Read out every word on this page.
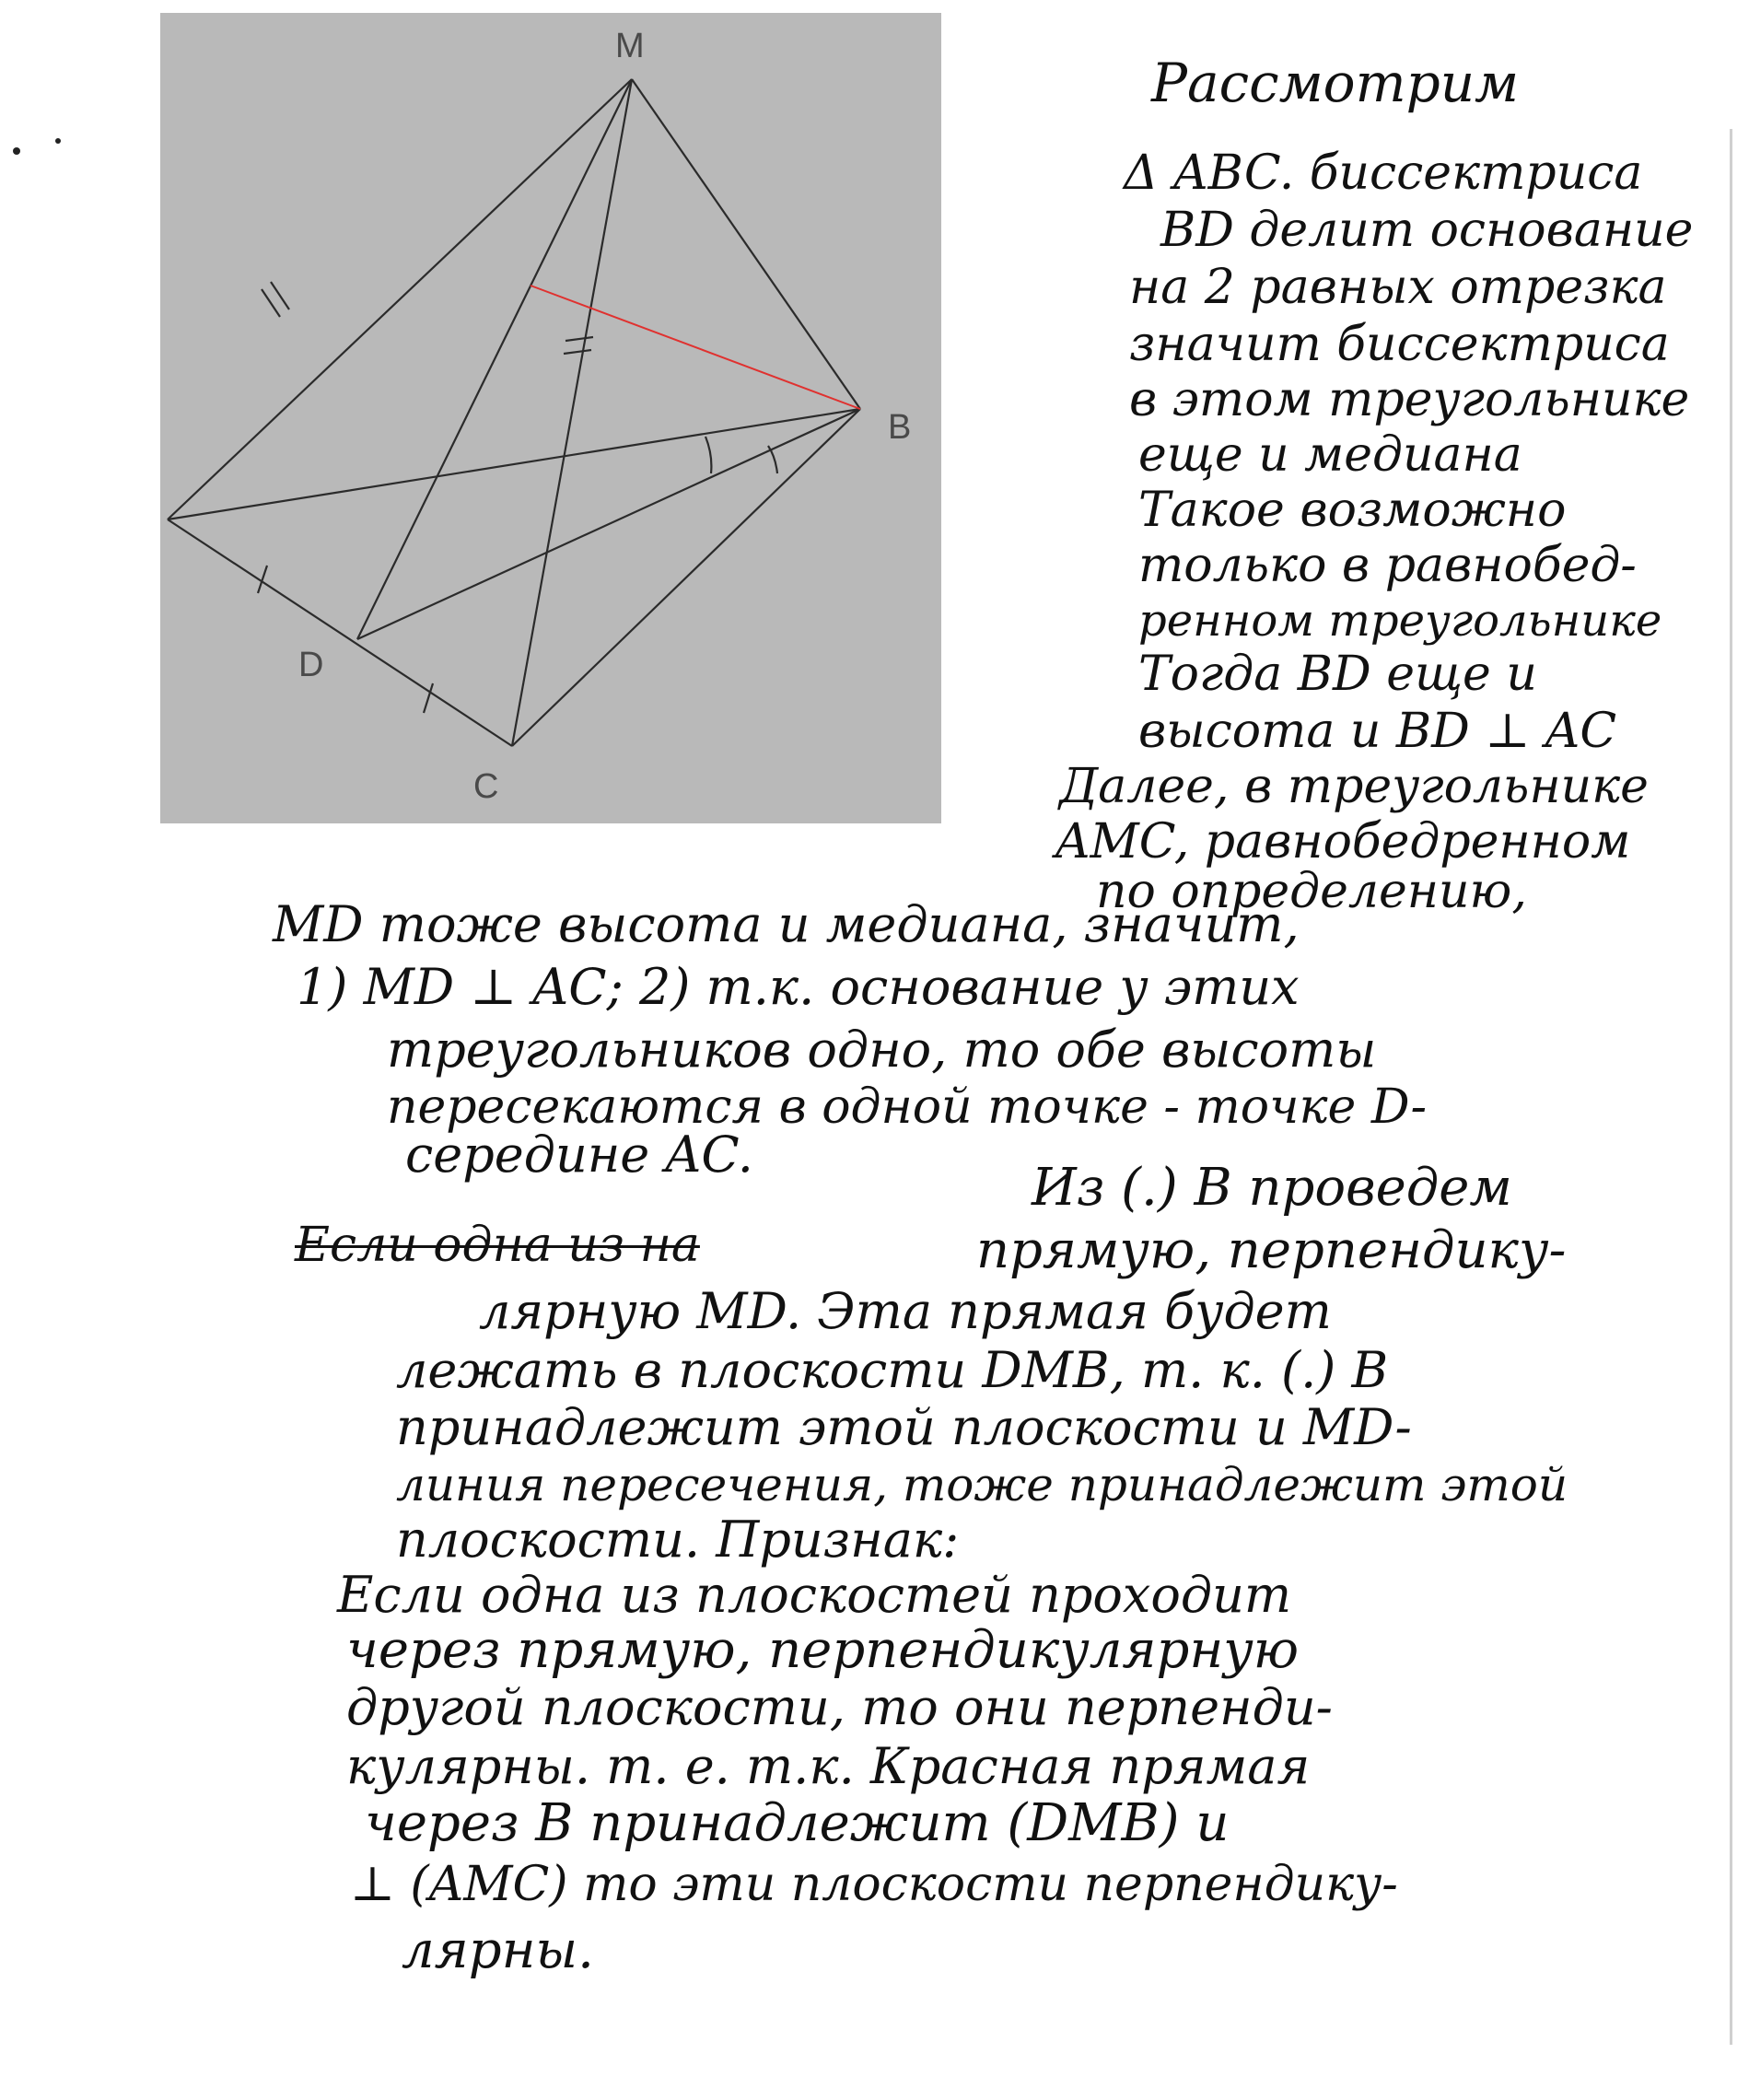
M
B
D
C

Рассмотрим

Δ ABC. биссектриса

BD делит основание

на 2 равных отрезка

значит биссектриса

в этом треугольнике

еще и медиана

Такое возможно

только в равнобед-

ренном треугольнике

Тогда BD еще и

высота и BD ⊥ AC

Далее, в треугольнике

AMC, равнобедренном

по определению,

MD тоже высота и медиана, значит,

1) MD ⊥ AC; 2) т.к. основание у этих

треугольников одно, то обе высоты

пересекаются в одной точке - точке D-

середине AC.

Из (.) B проведем

Если одна из на	прямую, перпендику-

лярную MD. Эта прямая будет

лежать в плоскости DMB, т. к. (.) B

принадлежит этой плоскости и MD-

линия пересечения, тоже принадлежит этой

плоскости. Признак:

Если одна из плоскостей проходит

через прямую, перпендикулярную

другой плоскости, то они перпенди-

кулярны. т. е. т.к. Красная прямая

через B принадлежит (DMB) и

⊥ (AMC) то эти плоскости перпендику-

лярны.
